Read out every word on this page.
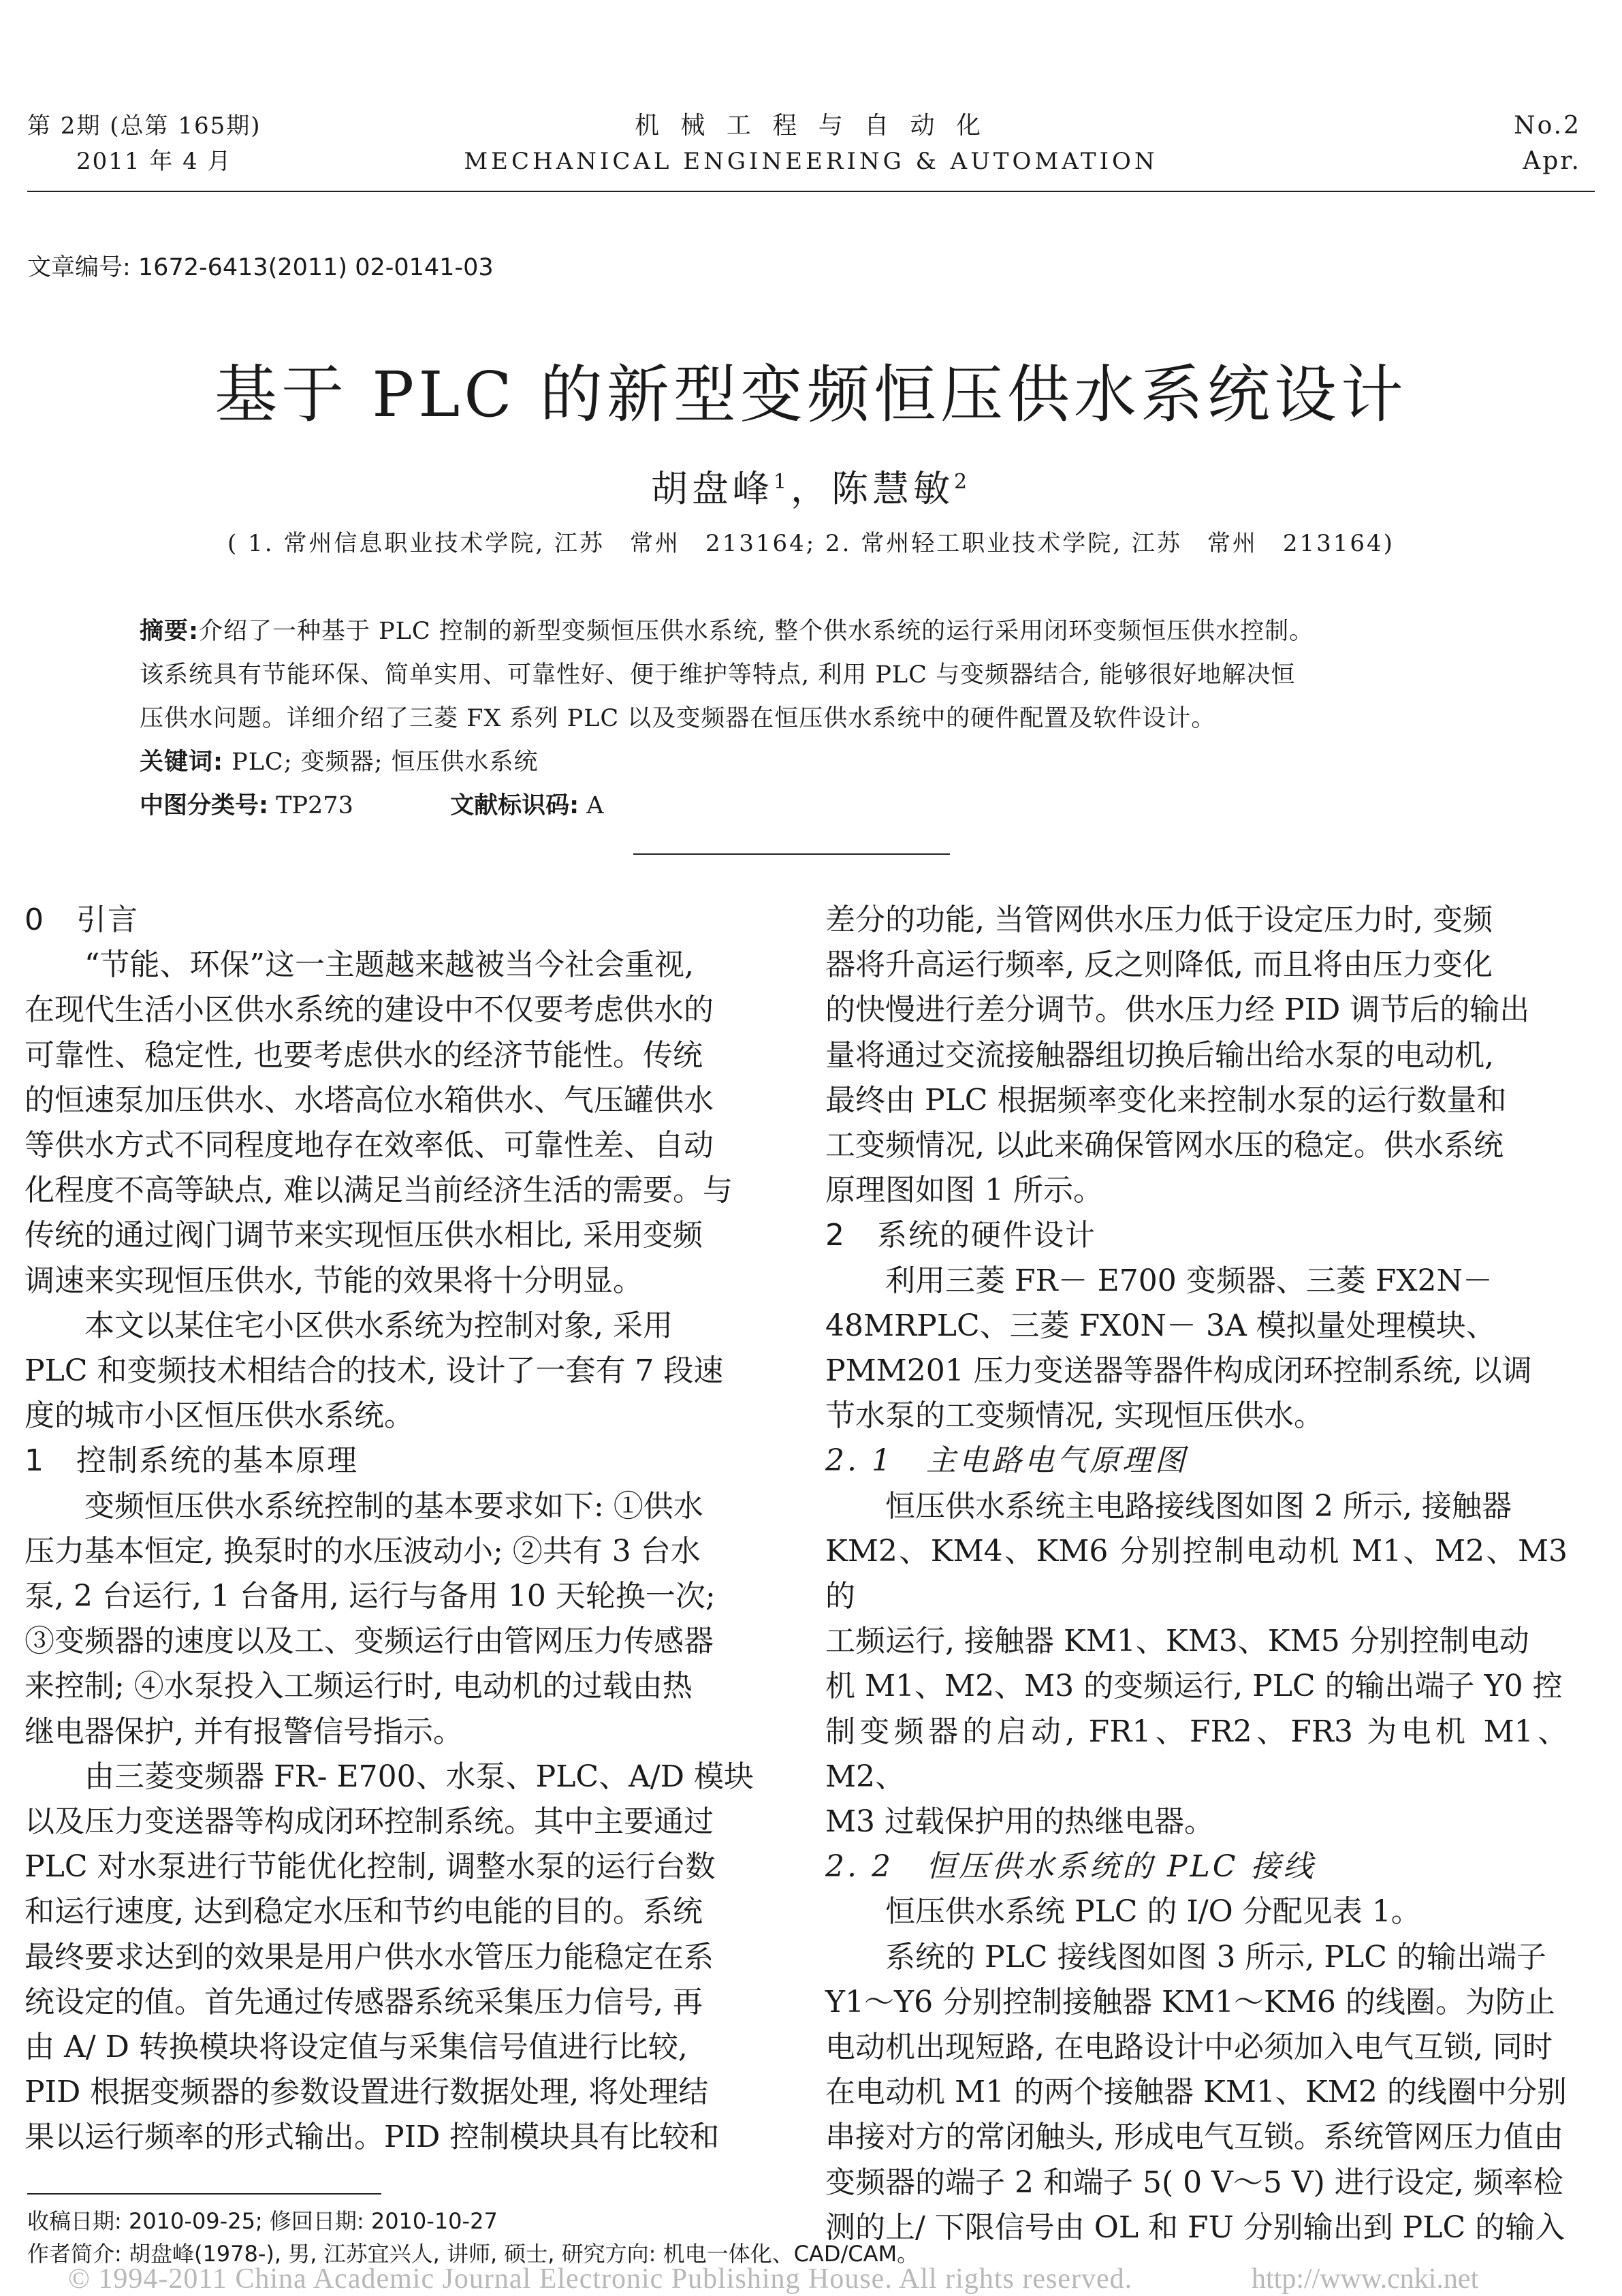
第 2期 (总第 165期)
2011 年 4 月
机 械 工 程 与 自 动 化
MECHANICAL ENGINEERING & AUTOMATION
No.2
Apr.
文章编号: 1672-6413(2011) 02-0141-03
基于 PLC 的新型变频恒压供水系统设计
胡盘峰$^1$，陈慧敏$^2$
( 1. 常州信息职业技术学院, 江苏　常州　213164; 2. 常州轻工职业技术学院, 江苏　常州　213164)
摘要:介绍了一种基于 PLC 控制的新型变频恒压供水系统, 整个供水系统的运行采用闭环变频恒压供水控制。
该系统具有节能环保、简单实用、可靠性好、便于维护等特点, 利用 PLC 与变频器结合, 能够很好地解决恒
压供水问题。详细介绍了三菱 FX 系列 PLC 以及变频器在恒压供水系统中的硬件配置及软件设计。
关键词: PLC; 变频器; 恒压供水系统
中图分类号: TP273	文献标识码: A

0　引言

“节能、环保”这一主题越来越被当今社会重视,

在现代生活小区供水系统的建设中不仅要考虑供水的

可靠性、稳定性, 也要考虑供水的经济节能性。传统

的恒速泵加压供水、水塔高位水箱供水、气压罐供水

等供水方式不同程度地存在效率低、可靠性差、自动

化程度不高等缺点, 难以满足当前经济生活的需要。与

传统的通过阀门调节来实现恒压供水相比, 采用变频

调速来实现恒压供水, 节能的效果将十分明显。

本文以某住宅小区供水系统为控制对象, 采用

PLC 和变频技术相结合的技术, 设计了一套有 7 段速

度的城市小区恒压供水系统。

1　控制系统的基本原理

变频恒压供水系统控制的基本要求如下: ①供水

压力基本恒定, 换泵时的水压波动小; ②共有 3 台水

泵, 2 台运行, 1 台备用, 运行与备用 10 天轮换一次;

③变频器的速度以及工、变频运行由管网压力传感器

来控制; ④水泵投入工频运行时, 电动机的过载由热

继电器保护, 并有报警信号指示。

由三菱变频器 FR- E700、水泵、PLC、A/D 模块

以及压力变送器等构成闭环控制系统。其中主要通过

PLC 对水泵进行节能优化控制, 调整水泵的运行台数

和运行速度, 达到稳定水压和节约电能的目的。系统

最终要求达到的效果是用户供水水管压力能稳定在系

统设定的值。首先通过传感器系统采集压力信号, 再

由 A/ D 转换模块将设定值与采集信号值进行比较,

PID 根据变频器的参数设置进行数据处理, 将处理结

果以运行频率的形式输出。PID 控制模块具有比较和

差分的功能, 当管网供水压力低于设定压力时, 变频

器将升高运行频率, 反之则降低, 而且将由压力变化

的快慢进行差分调节。供水压力经 PID 调节后的输出

量将通过交流接触器组切换后输出给水泵的电动机,

最终由 PLC 根据频率变化来控制水泵的运行数量和

工变频情况, 以此来确保管网水压的稳定。供水系统

原理图如图 1 所示。

2　系统的硬件设计

利用三菱 FR－ E700 变频器、三菱 FX2N－

48MRPLC、三菱 FX0N－ 3A 模拟量处理模块、

PMM201 压力变送器等器件构成闭环控制系统, 以调

节水泵的工变频情况, 实现恒压供水。

2. 1　主电路电气原理图

恒压供水系统主电路接线图如图 2 所示, 接触器

KM2、KM4、KM6 分别控制电动机 M1、M2、M3 的

工频运行, 接触器 KM1、KM3、KM5 分别控制电动

机 M1、M2、M3 的变频运行, PLC 的输出端子 Y0 控

制变频器的启动, FR1、FR2、FR3 为电机 M1、M2、

M3 过载保护用的热继电器。

2. 2　恒压供水系统的 PLC 接线

恒压供水系统 PLC 的 I/O 分配见表 1。

系统的 PLC 接线图如图 3 所示, PLC 的输出端子

Y1～Y6 分别控制接触器 KM1～KM6 的线圈。为防止

电动机出现短路, 在电路设计中必须加入电气互锁, 同时

在电动机 M1 的两个接触器 KM1、KM2 的线圈中分别

串接对方的常闭触头, 形成电气互锁。系统管网压力值由

变频器的端子 2 和端子 5( 0 V～5 V) 进行设定, 频率检

测的上/ 下限信号由 OL 和 FU 分别输出到 PLC 的输入

收稿日期: 2010-09-25; 修回日期: 2010-10-27
作者简介: 胡盘峰(1978-), 男, 江苏宜兴人, 讲师, 硕士, 研究方向: 机电一体化、CAD/CAM。
© 1994-2011 China Academic Journal Electronic Publishing House. All rights reserved.	http://www.cnki.net
